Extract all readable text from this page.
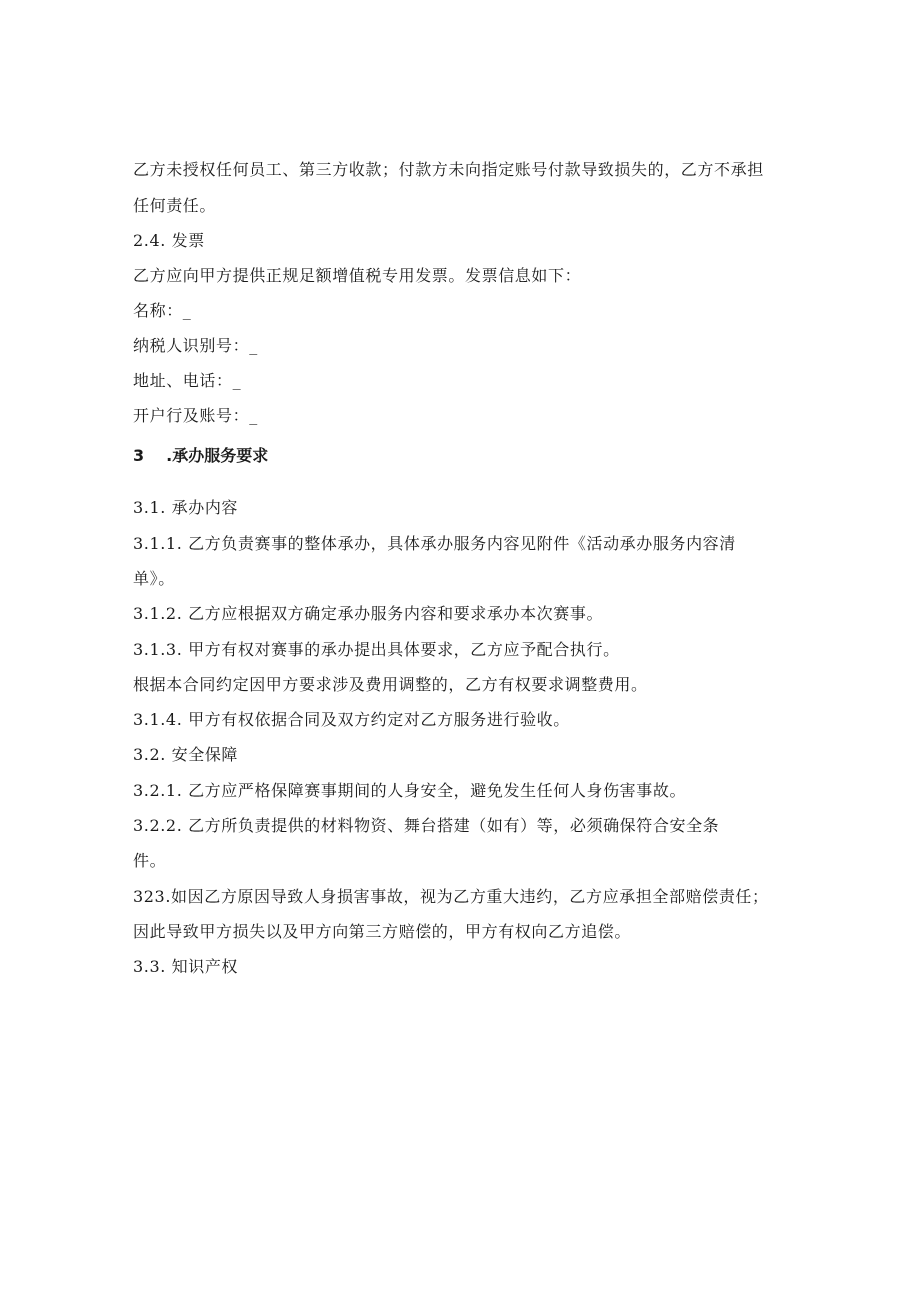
乙方未授权任何员工、第三方收款；付款方未向指定账号付款导致损失的，乙方不承担
任何责任。
2.4. 发票
乙方应向甲方提供正规足额增值税专用发票。发票信息如下：
名称：_
纳税人识别号：_
地址、电话：_
开户行及账号：_
3 .承办服务要求
3.1. 承办内容
3.1.1. 乙方负责赛事的整体承办，具体承办服务内容见附件《活动承办服务内容清
单》。
3.1.2. 乙方应根据双方确定承办服务内容和要求承办本次赛事。
3.1.3. 甲方有权对赛事的承办提出具体要求，乙方应予配合执行。
根据本合同约定因甲方要求涉及费用调整的，乙方有权要求调整费用。
3.1.4. 甲方有权依据合同及双方约定对乙方服务进行验收。
3.2. 安全保障
3.2.1. 乙方应严格保障赛事期间的人身安全，避免发生任何人身伤害事故。
3.2.2. 乙方所负责提供的材料物资、舞台搭建（如有）等，必须确保符合安全条
件。
323.如因乙方原因导致人身损害事故，视为乙方重大违约，乙方应承担全部赔偿责任；
因此导致甲方损失以及甲方向第三方赔偿的，甲方有权向乙方追偿。
3.3. 知识产权
